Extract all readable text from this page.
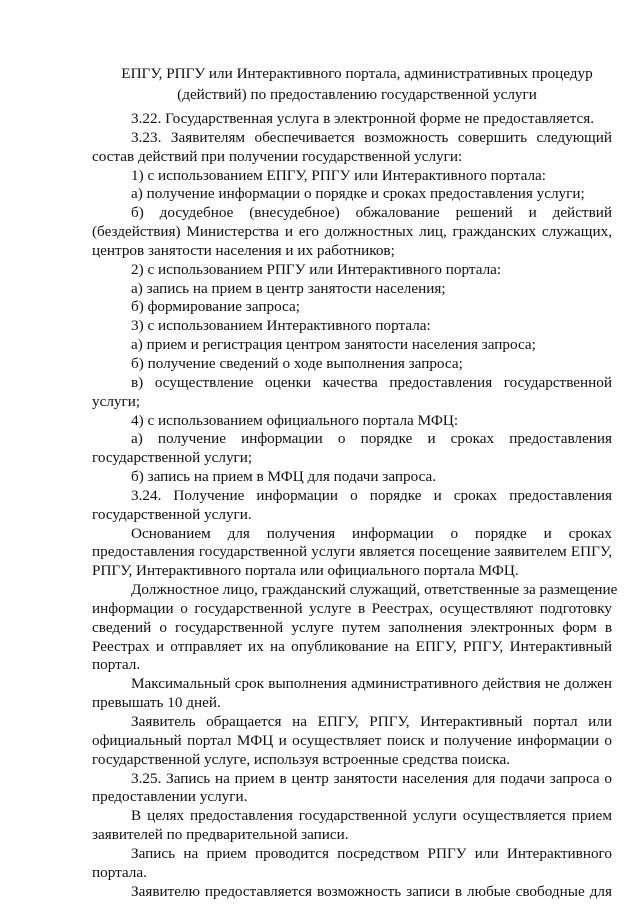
ЕПГУ, РПГУ или Интерактивного портала, административных процедур
(действий) по предоставлению государственной услуги
3.22. Государственная услуга в электронной форме не предоставляется.
3.23. Заявителям обеспечивается возможность совершить следующий
состав действий при получении государственной услуги:
1) с использованием ЕПГУ, РПГУ или Интерактивного портала:
а) получение информации о порядке и сроках предоставления услуги;
б) досудебное (внесудебное) обжалование решений и действий
(бездействия) Министерства и его должностных лиц, гражданских служащих,
центров занятости населения и их работников;
2) с использованием РПГУ или Интерактивного портала:
а) запись на прием в центр занятости населения;
б) формирование запроса;
3) с использованием Интерактивного портала:
а) прием и регистрация центром занятости населения запроса;
б) получение сведений о ходе выполнения запроса;
в) осуществление оценки качества предоставления государственной
услуги;
4) с использованием официального портала МФЦ:
а) получение информации о порядке и сроках предоставления
государственной услуги;
б) запись на прием в МФЦ для подачи запроса.
3.24. Получение информации о порядке и сроках предоставления
государственной услуги.
Основанием для получения информации о порядке и сроках
предоставления государственной услуги является посещение заявителем ЕПГУ,
РПГУ, Интерактивного портала или официального портала МФЦ.
Должностное лицо, гражданский служащий, ответственные за размещение
информации о государственной услуге в Реестрах, осуществляют подготовку
сведений о государственной услуге путем заполнения электронных форм в
Реестрах и отправляет их на опубликование на ЕПГУ, РПГУ, Интерактивный
портал.
Максимальный срок выполнения административного действия не должен
превышать 10 дней.
Заявитель обращается на ЕПГУ, РПГУ, Интерактивный портал или
официальный портал МФЦ и осуществляет поиск и получение информации о
государственной услуге, используя встроенные средства поиска.
3.25. Запись на прием в центр занятости населения для подачи запроса о
предоставлении услуги.
В целях предоставления государственной услуги осуществляется прием
заявителей по предварительной записи.
Запись на прием проводится посредством РПГУ или Интерактивного
портала.
Заявителю предоставляется возможность записи в любые свободные для
